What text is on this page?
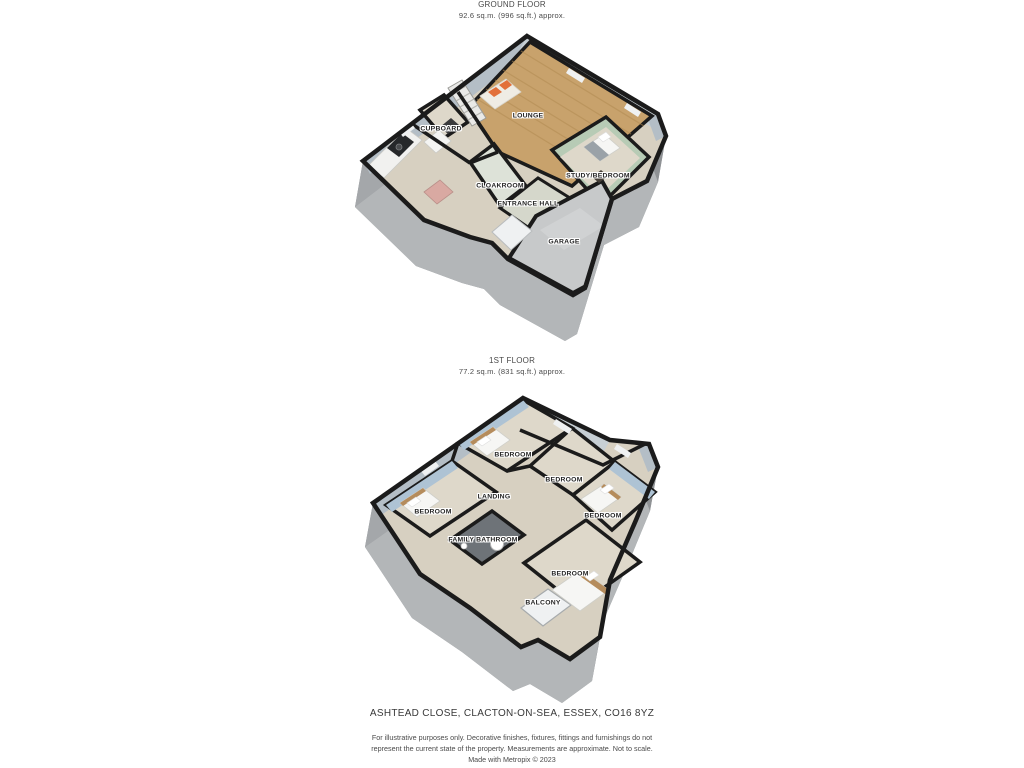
GROUND FLOOR
92.6 sq.m. (996 sq.ft.) approx.
1ST FLOOR
77.2 sq.m. (831 sq.ft.) approx.
LOUNGE
CUPBOARD
CLOAKROOM
ENTRANCE HALL
STUDY/BEDROOM
GARAGE
BEDROOM
BEDROOM
BEDROOM
BEDROOM
LANDING
FAMILY BATHROOM
BEDROOM
BALCONY
ASHTEAD CLOSE, CLACTON-ON-SEA, ESSEX, CO16 8YZ
For illustrative purposes only. Decorative finishes, fixtures, fittings and furnishings do not
represent the current state of the property. Measurements are approximate. Not to scale.
Made with Metropix © 2023
